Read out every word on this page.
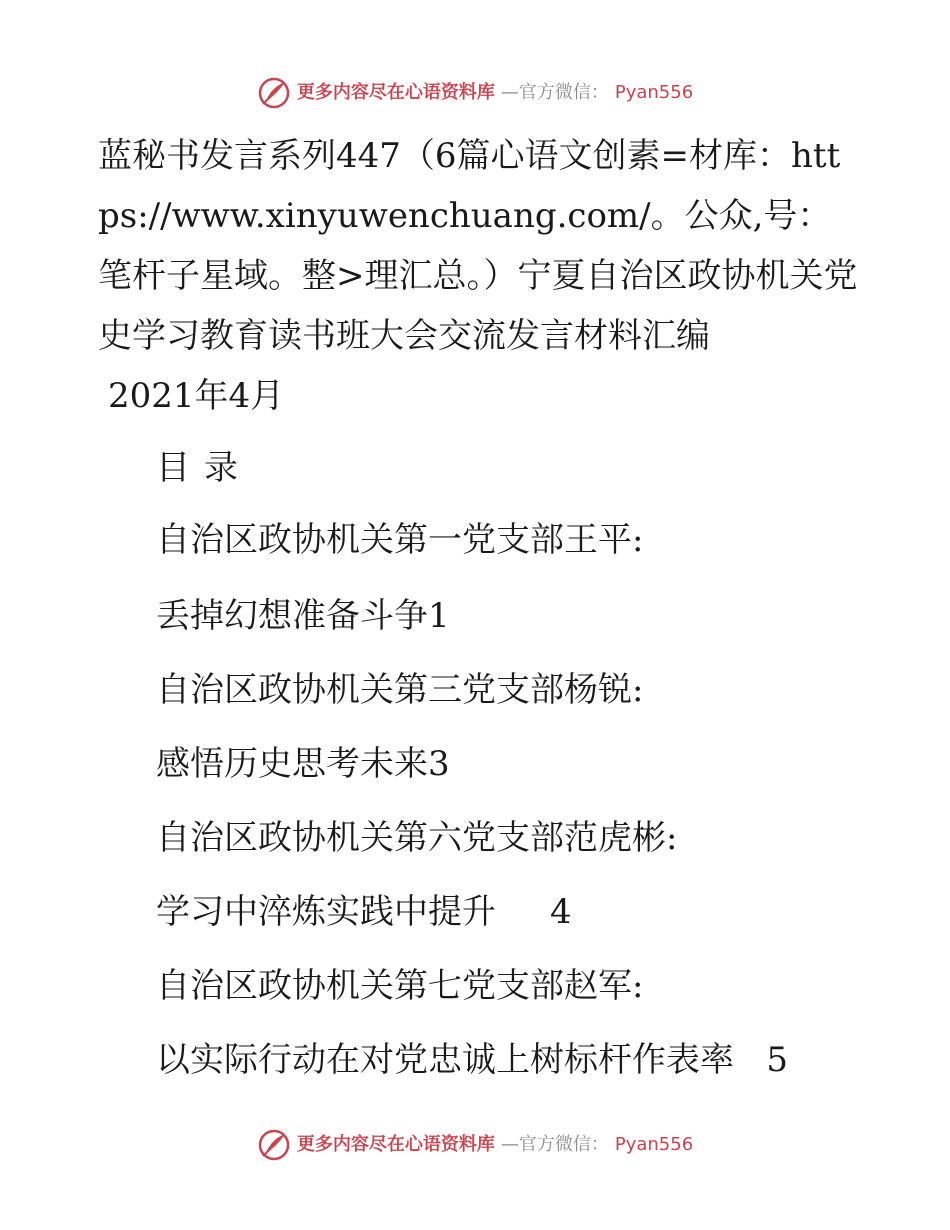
更多内容尽在心语资料库 —官方微信： Pyan556

蓝秘书发言系列447（6篇心语文创素=材库：https://www.xinyuwenchuang.com/。公众,号：笔杆子星域。整>理汇总。）宁夏自治区政协机关党史学习教育读书班大会交流发言材料汇编

2021年4月
目录
自治区政协机关第一党支部王平:
丢掉幻想准备斗争1
自治区政协机关第三党支部杨锐:
感悟历史思考未来3
自治区政协机关第六党支部范虎彬:
学习中淬炼实践中提升     4
自治区政协机关第七党支部赵军:
以实际行动在对党忠诚上树标杆作表率   5
更多内容尽在心语资料库 —官方微信： Pyan556
